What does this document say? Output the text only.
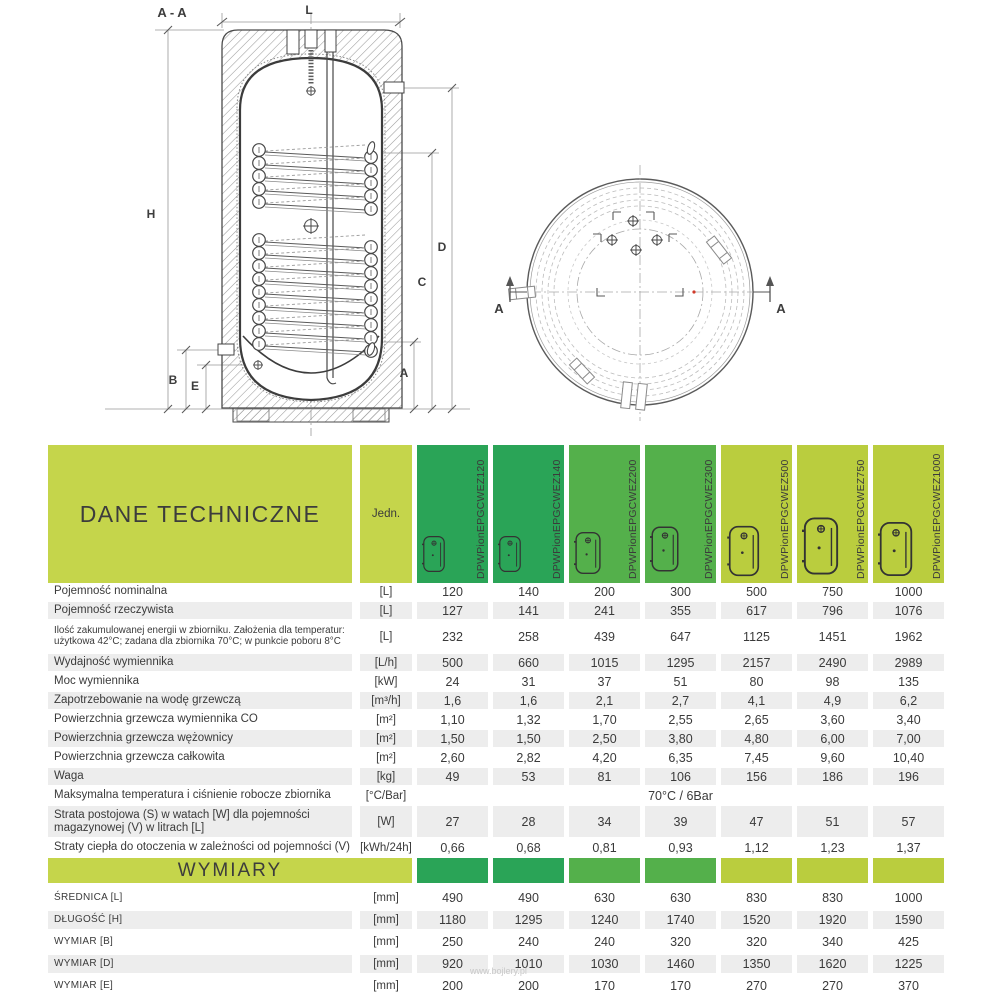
A - A	L
H
B E
A
C
D
A	A
DANE TECHNICZNE	Jedn.	DPWPionEPGCWEZ120	DPWPionEPGCWEZ140	DPWPionEPGCWEZ200	DPWPionEPGCWEZ300	DPWPionEPGCWEZ500	DPWPionEPGCWEZ750	DPWPionEPGCWEZ1000
Pojemność nominalna	[L]	120	140	200	300	500	750	1000
Pojemność rzeczywista	[L]	127	141	241	355	617	796	1076
Ilość zakumulowanej energii w zbiorniku. Założenia dla temperatur: użytkowa 42°C; zadana dla zbiornika 70°C; w punkcie poboru 8°C	[L]	232	258	439	647	1125	1451	1962
Wydajność wymiennika	[L/h]	500	660	1015	1295	2157	2490	2989
Moc wymiennika	[kW]	24	31	37	51	80	98	135
Zapotrzebowanie na wodę grzewczą	[m³/h]	1,6	1,6	2,1	2,7	4,1	4,9	6,2
Powierzchnia grzewcza wymiennika CO	[m²]	1,10	1,32	1,70	2,55	2,65	3,60	3,40
Powierzchnia grzewcza wężownicy	[m²]	1,50	1,50	2,50	3,80	4,80	6,00	7,00
Powierzchnia grzewcza całkowita	[m²]	2,60	2,82	4,20	6,35	7,45	9,60	10,40
Waga	[kg]	49	53	81	106	156	186	196
Maksymalna temperatura i ciśnienie robocze zbiornika	[°C/Bar]	70°C / 6Bar
Strata postojowa (S) w watach [W] dla pojemności magazynowej (V) w litrach [L]	[W]	27	28	34	39	47	51	57
Straty ciepła do otoczenia w zależności od pojemności (V) [kWh/24h]	0,66	0,68	0,81	0,93	1,12	1,23	1,37
WYMIARY
ŚREDNICA [L]	[mm]	490	490	630	630	830	830	1000
DŁUGOŚĆ [H]	[mm]	1180	1295	1240	1740	1520	1920	1590
WYMIAR [B]	[mm]	250	240	240	320	320	340	425
WYMIAR [D]	[mm]	920	1010	1030	1460	1350	1620	1225
WYMIAR [E]	[mm]	200	200	170	170	270	270	370
www.bojlery.pl
